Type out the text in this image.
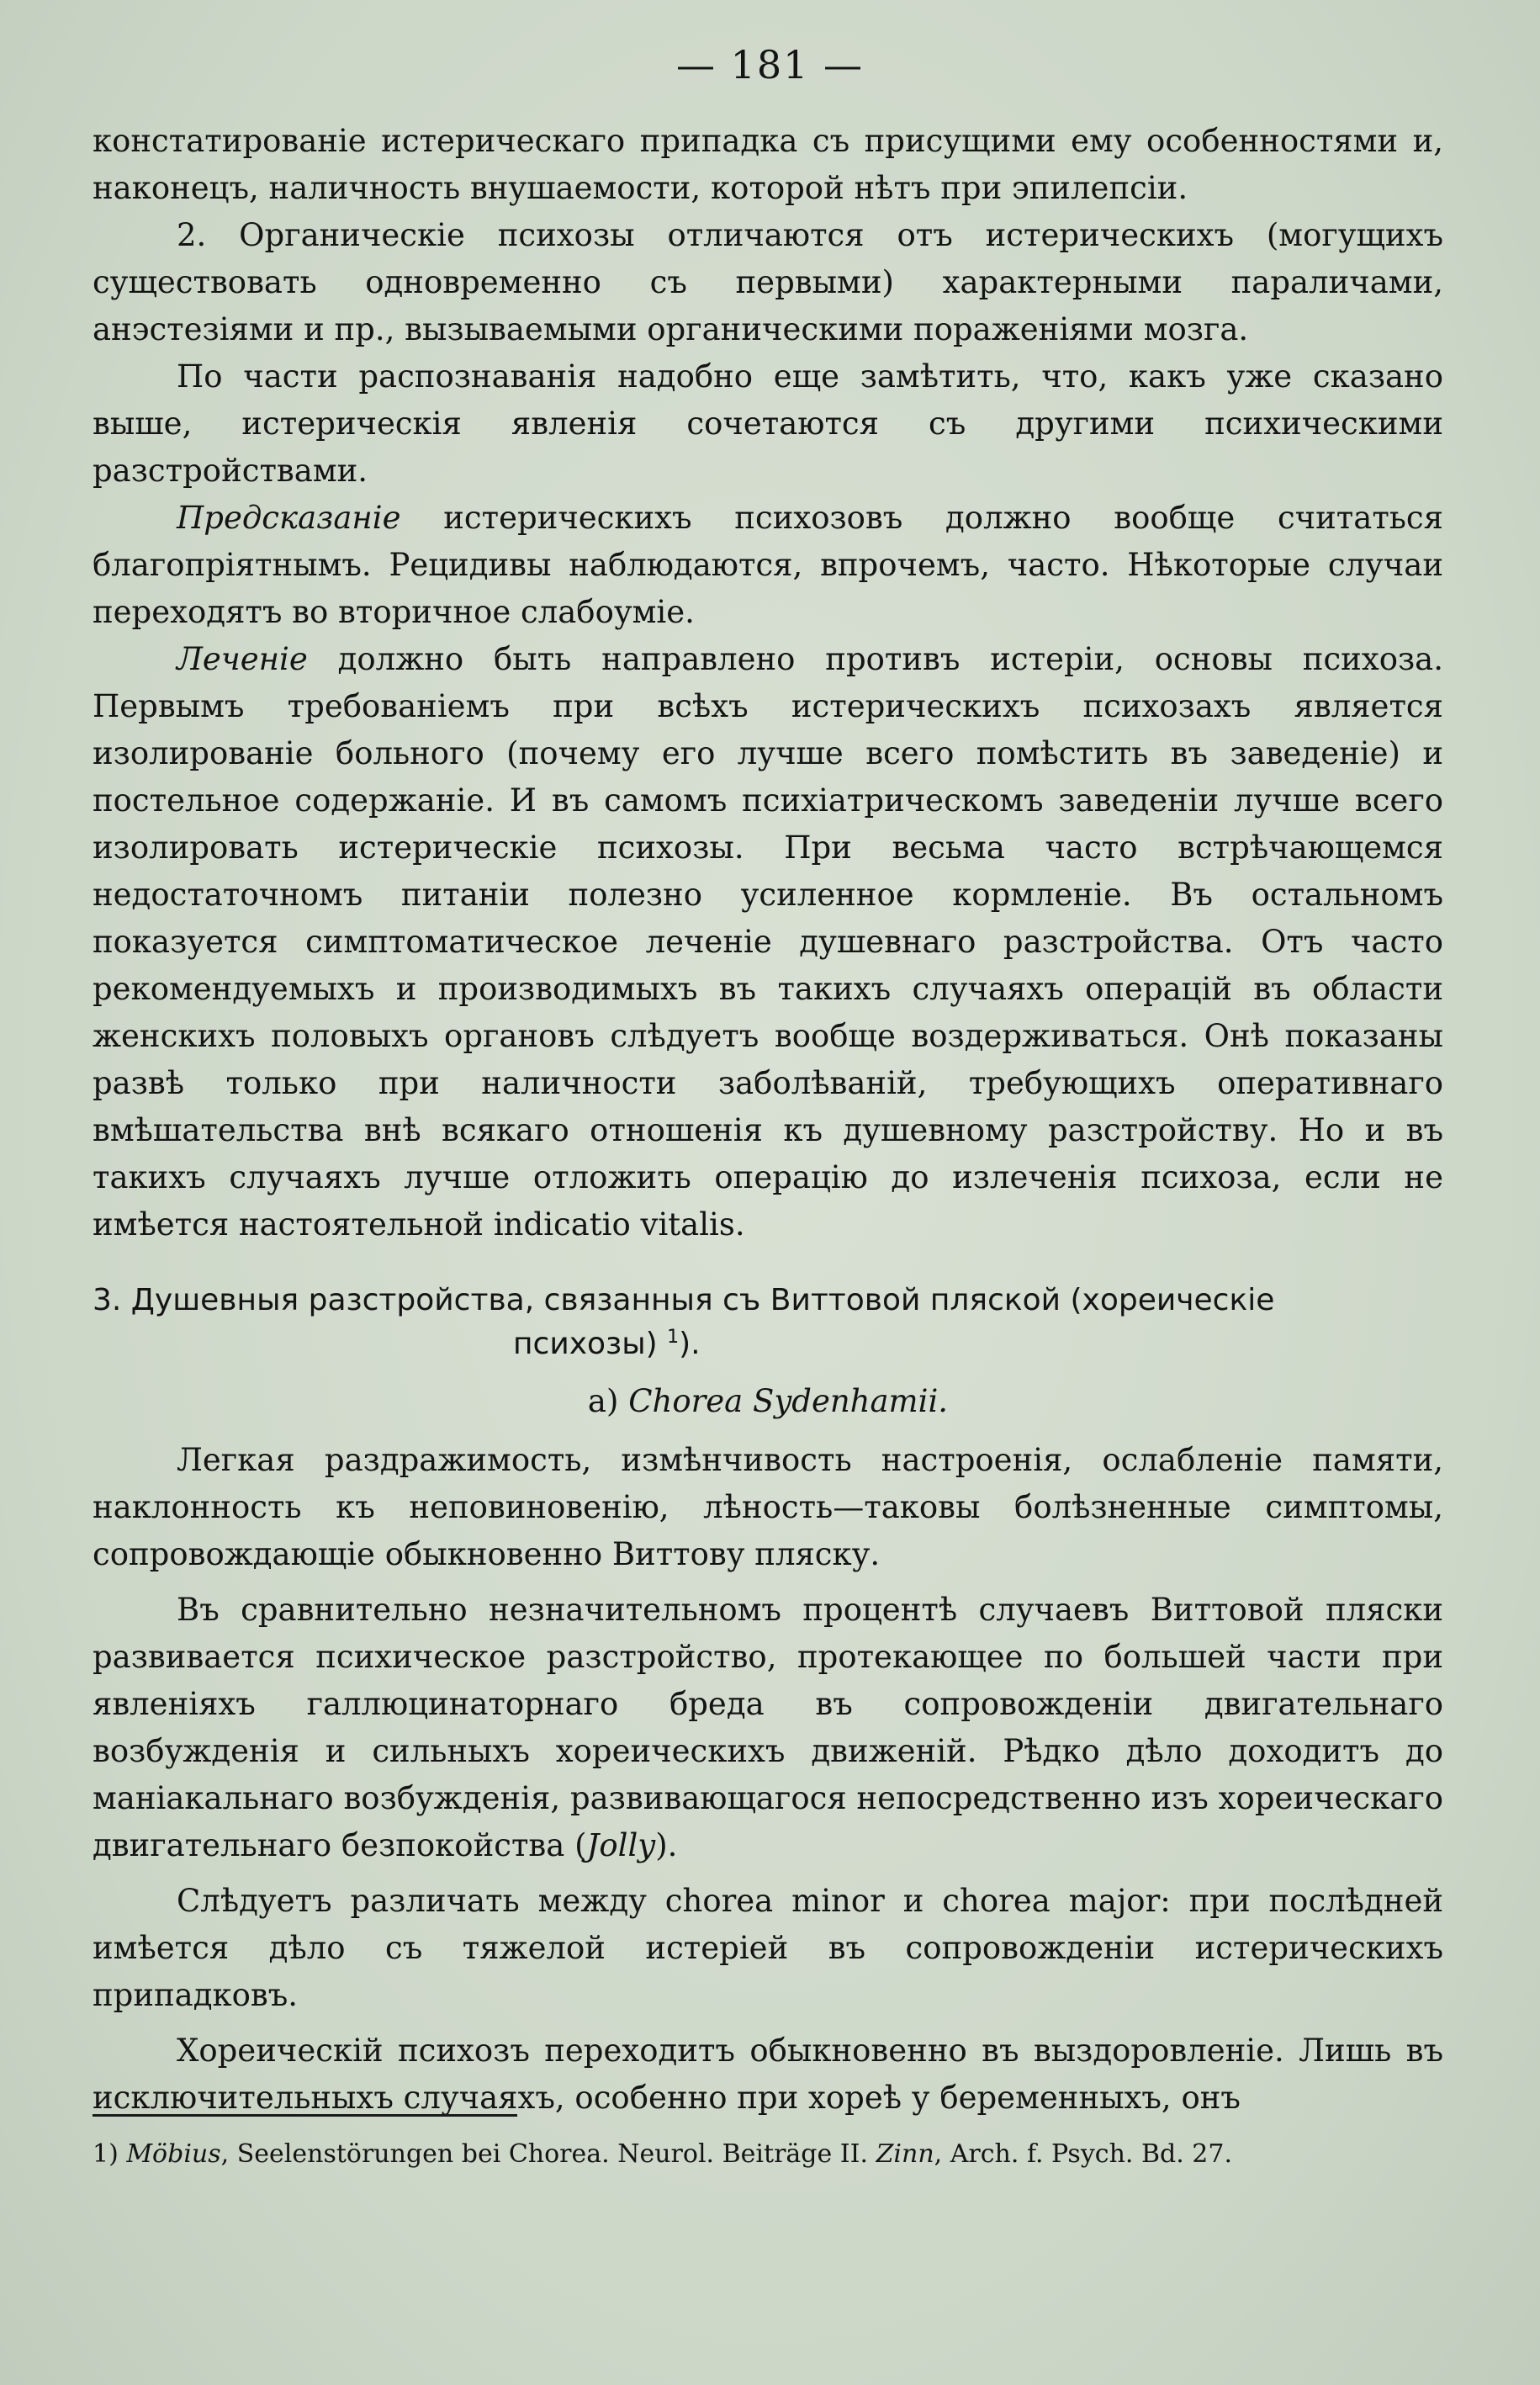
— 181 —

констатированіе истерическаго припадка съ присущими ему особенностями и, наконецъ, наличность внушаемости, которой нѣтъ при эпилепсіи.

2. Органическіе психозы отличаются отъ истерическихъ (могущихъ существовать одновременно съ первыми) характерными параличами, анэстезіями и пр., вызываемыми органическими пораженіями мозга.

По части распознаванія надобно еще замѣтить, что, какъ уже сказано выше, истерическія явленія сочетаются съ другими психическими разстройствами.

Предсказаніе истерическихъ психозовъ должно вообще считаться благопріятнымъ. Рецидивы наблюдаются, впрочемъ, часто. Нѣкоторые случаи переходятъ во вторичное слабоуміе.

Леченіе должно быть направлено противъ истеріи, основы психоза. Первымъ требованіемъ при всѣхъ истерическихъ психозахъ является изолированіе больного (почему его лучше всего помѣстить въ заведеніе) и постельное содержаніе. И въ самомъ психіатрическомъ заведеніи лучше всего изолировать истерическіе психозы. При весьма часто встрѣчающемся недостаточномъ питаніи полезно усиленное кормленіе. Въ остальномъ показуется симптоматическое леченіе душевнаго разстройства. Отъ часто рекомендуемыхъ и производимыхъ въ такихъ случаяхъ операцій въ области женскихъ половыхъ органовъ слѣдуетъ вообще воздерживаться. Онѣ показаны развѣ только при наличности заболѣваній, требующихъ оперативнаго вмѣшательства внѣ всякаго отношенія къ душевному разстройству. Но и въ такихъ случаяхъ лучше отложить операцію до излеченія психоза, если не имѣется настоятельной indicatio vitalis.

3. Душевныя разстройства, связанныя съ Виттовой пляской (хореическіе
психозы) $^1$).

а) Chorea Sydenhamii.

Легкая раздражимость, измѣнчивость настроенія, ослабленіе памяти, наклонность къ неповиновенію, лѣность—таковы болѣзненные симптомы, сопровождающіе обыкновенно Виттову пляску.

Въ сравнительно незначительномъ процентѣ случаевъ Виттовой пляски развивается психическое разстройство, протекающее по большей части при явленіяхъ галлюцинаторнаго бреда въ сопровожденіи двигательнаго возбужденія и сильныхъ хореическихъ движеній. Рѣдко дѣло доходитъ до маніакальнаго возбужденія, развивающагося непосредственно изъ хореическаго двигательнаго безпокойства (Jolly).

Слѣдуетъ различать между chorea minor и chorea major: при послѣдней имѣется дѣло съ тяжелой истеріей въ сопровожденіи истерическихъ припадковъ.

Хореическій психозъ переходитъ обыкновенно въ выздоровленіе. Лишь въ исключительныхъ случаяхъ, особенно при хореѣ у беременныхъ, онъ

1) Möbius, Seelenstörungen bei Chorea. Neurol. Beiträge II. Zinn, Arch. f. Psych. Bd. 27.
